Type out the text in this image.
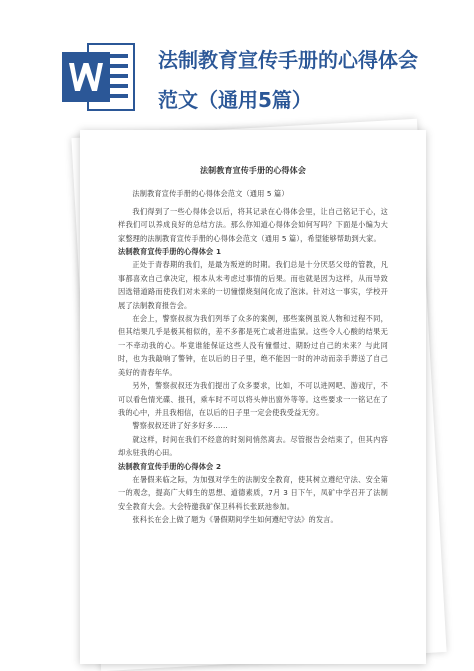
法制教育宣传手册的心得体会
范文（通用5篇）
法制教育宣传手册的心得体会

法制教育宣传手册的心得体会范文（通用 5 篇）

我们得到了一些心得体会以后，将其记录在心得体会里，让自己铭记于心，这样我们可以养成良好的总结方法。那么你知道心得体会如何写吗？下面是小编为大家整理的法制教育宣传手册的心得体会范文（通用 5 篇），希望能够帮助到大家。

法制教育宣传手册的心得体会 1

正处于青春期的我们，是最为叛逆的时期。我们总是十分厌恶父母的管教，凡事都喜欢自己拿决定，根本从未考虑过事情的后果。而也就是因为这样，从而导致因选错道路而使我们对未来的一切憧憬烧刻间化成了泡沫。针对这一事实，学校开展了法制教育报告会。

在会上，警察叔叔为我们列举了众多的案例，那些案例虽说人物和过程不同，但其结果几乎是极其相似的，差不多都是死亡或者进监狱。这些令人心酸的结果无一不牵动我的心。毕竟谁能保证这些人没有憧憬过、期盼过自己的未来？与此同时，也为我敲响了警钟，在以后的日子里，绝不能因一时的冲动而亲手葬送了自己美好的青春年华。

另外，警察叔叔还为我们提出了众多要求，比如，不可以进网吧、游戏厅，不可以看色情光碟、报刊，乘车时不可以将头伸出窗外等等。这些要求一一铭记在了我的心中，并且我相信，在以后的日子里一定会使我受益无穷。

警察叔叔还讲了好多好多……

就这样，时间在我们不经意的时刻间悄然离去。尽管报告会结束了，但其内容却永驻我的心田。

法制教育宣传手册的心得体会 2

在暑假来临之际，为加强对学生的法制安全教育，使其树立遵纪守法、安全第一的观念，提高广大师生的思想、道德素质，7月 3 日下午，凤矿中学召开了法制安全教育大会。大会特邀我矿保卫科科长张跃池参加。

张科长在会上做了题为《暑假期间学生如何遵纪守法》的发言。
